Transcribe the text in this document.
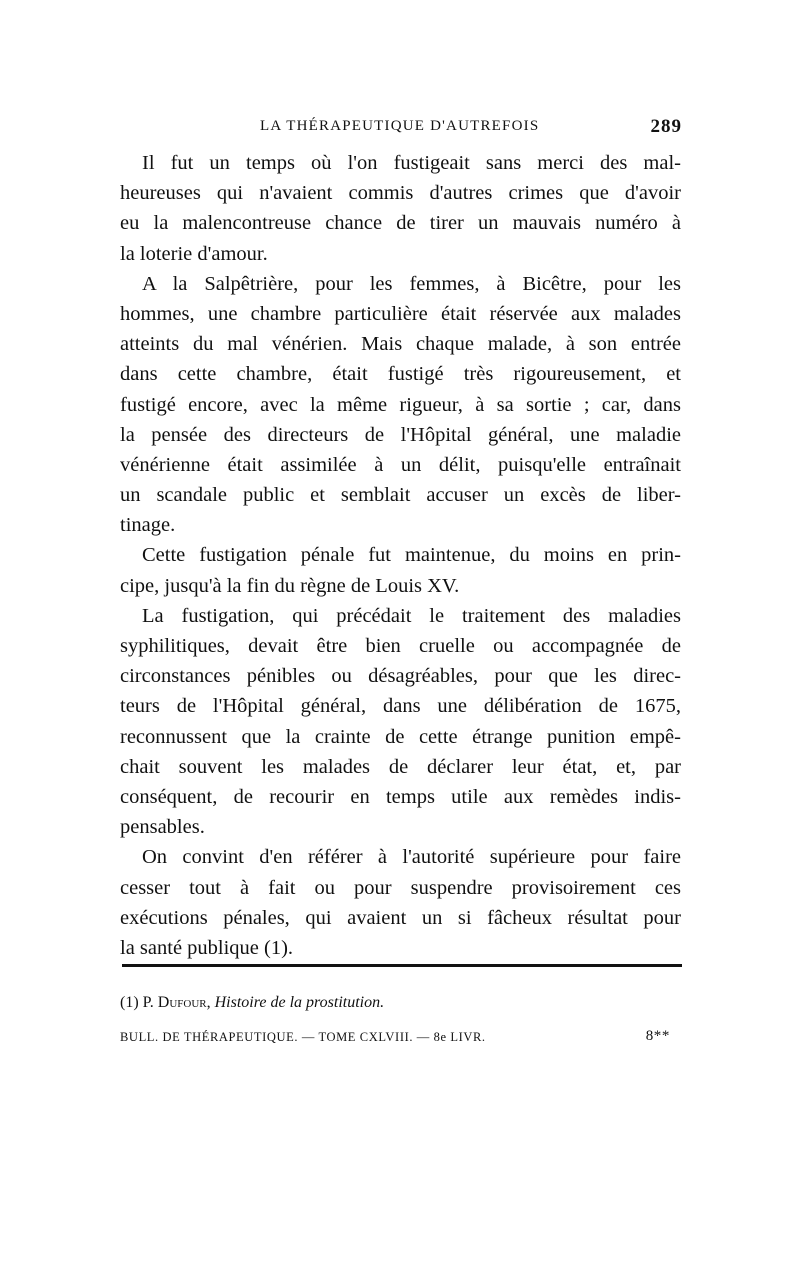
LA THÉRAPEUTIQUE D'AUTREFOIS	289
Il fut un temps où l'on fustigeait sans merci des mal-
heureuses qui n'avaient commis d'autres crimes que d'avoir
eu la malencontreuse chance de tirer un mauvais numéro à
la loterie d'amour.
A la Salpêtrière, pour les femmes, à Bicêtre, pour les
hommes, une chambre particulière était réservée aux malades
atteints du mal vénérien. Mais chaque malade, à son entrée
dans cette chambre, était fustigé très rigoureusement, et
fustigé encore, avec la même rigueur, à sa sortie ; car, dans
la pensée des directeurs de l'Hôpital général, une maladie
vénérienne était assimilée à un délit, puisqu'elle entraînait
un scandale public et semblait accuser un excès de liber-
tinage.
Cette fustigation pénale fut maintenue, du moins en prin-
cipe, jusqu'à la fin du règne de Louis XV.
La fustigation, qui précédait le traitement des maladies
syphilitiques, devait être bien cruelle ou accompagnée de
circonstances pénibles ou désagréables, pour que les direc-
teurs de l'Hôpital général, dans une délibération de 1675,
reconnussent que la crainte de cette étrange punition empê-
chait souvent les malades de déclarer leur état, et, par
conséquent, de recourir en temps utile aux remèdes indis-
pensables.
On convint d'en référer à l'autorité supérieure pour faire
cesser tout à fait ou pour suspendre provisoirement ces
exécutions pénales, qui avaient un si fâcheux résultat pour
la santé publique (1).
(1) P. Dufour, Histoire de la prostitution.
BULL. DE THÉRAPEUTIQUE. — TOME CXLVIII. — 8e LIVR.	8**
